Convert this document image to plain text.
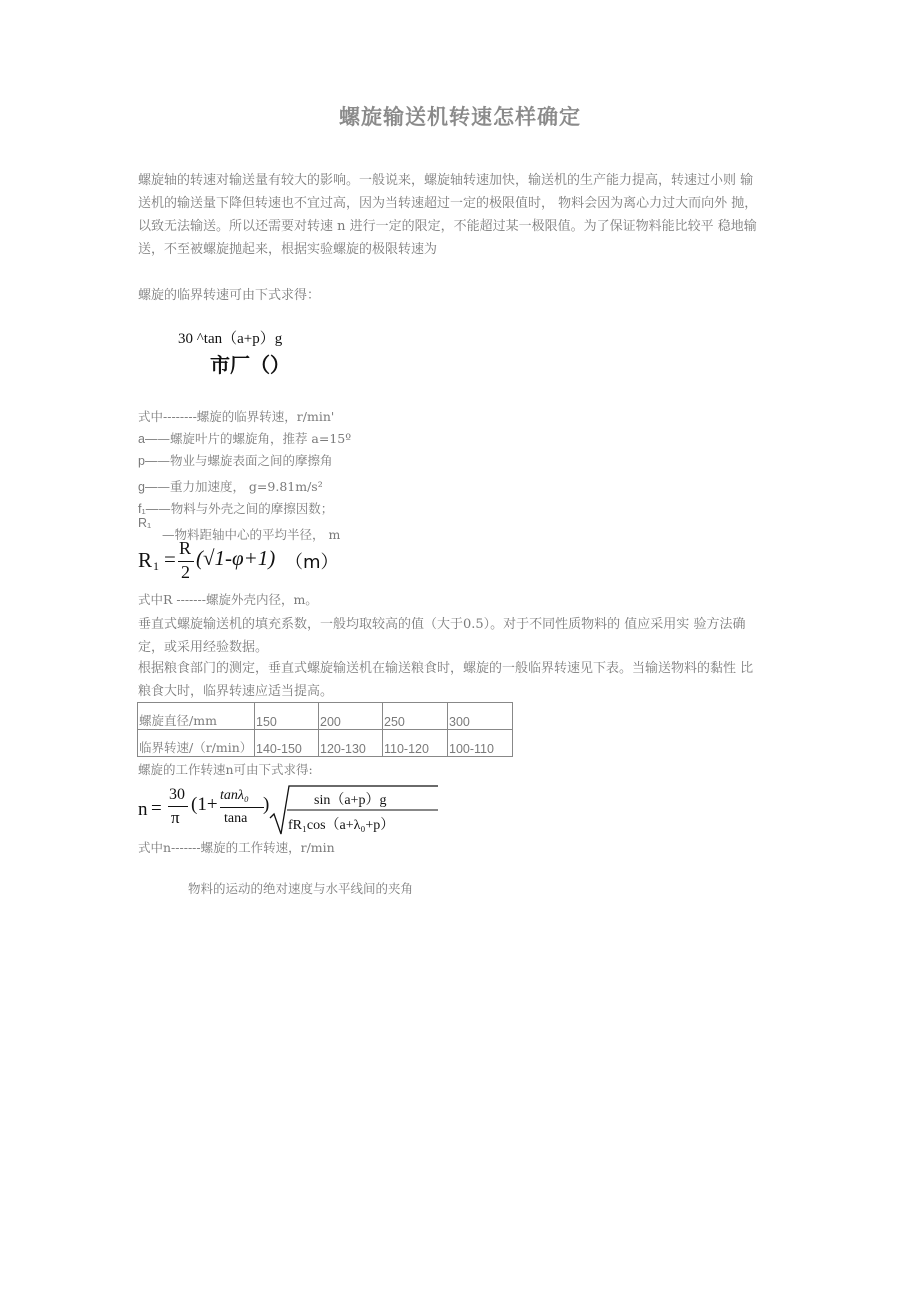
螺旋输送机转速怎样确定
螺旋轴的转速对输送量有较大的影响。一般说来，螺旋轴转速加快，输送机的生产能力提高，转速过小则 输
送机的输送量下降但转速也不宜过高，因为当转速超过一定的极限值时， 物料会因为离心力过大而向外 抛，
以致无法输送。所以还需要对转速 n 进行一定的限定，不能超过某一极限值。为了保证物料能比较平 稳地输
送，不至被螺旋抛起来，根据实验螺旋的极限转速为
螺旋的临界转速可由下式求得：
30 ^tan（a+p）g
市厂（）
式中--------螺旋的临界转速，r/min'
a——螺旋叶片的螺旋角，推荐 a=15º
p——物业与螺旋表面之间的摩擦角
g——重力加速度， g=9.81m/s²
f₁——物料与外壳之间的摩擦因数；
R₁
—物料距轴中心的平均半径， m
R 1 = R
2
(√1-φ+1) （m）
式中R -------螺旋外壳内径，m。
垂直式螺旋输送机的填充系数，一般均取较高的值（大于0.5）。对于不同性质物料的 值应采用实 验方法确
定，或采用经验数据。
根据粮食部门的测定，垂直式螺旋输送机在输送粮食时，螺旋的一般临界转速见下表。当输送物料的黏性 比
粮食大时，临界转速应适当提高。
螺旋直径/mm	150	200	250	300
临界转速/（r/min）	140-150	120-130	110-120	100-110
螺旋的工作转速n可由下式求得:
n =
30
π
(1+ tanλ₀
tana
)	sin（a+p）g
fR₁cos（a+λ₀+p）
式中n-------螺旋的工作转速，r/min
物料的运动的绝对速度与水平线间的夹角
